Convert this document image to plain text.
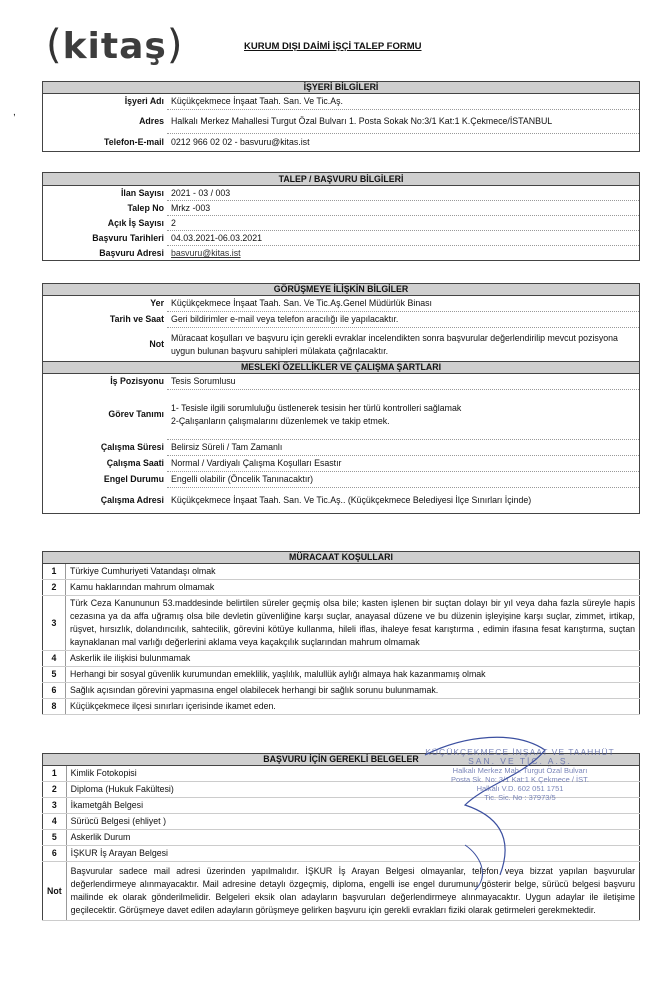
(kitaş)	KURUM DIŞI DAİMİ İŞÇİ TALEP FORMU
,
İŞYERİ BİLGİLERİ	
İşyeri Adı	Küçükçekmece İnşaat Taah. San. Ve Tic.Aş.
Adres	Halkalı Merkez Mahallesi Turgut Özal Bulvarı 1. Posta Sokak No:3/1 Kat:1 K.Çekmece/İSTANBUL
Telefon-E-mail	0212 966 02 02 - basvuru@kitas.ist
TALEP / BAŞVURU BİLGİLERİ	
İlan Sayısı	2021 - 03 / 003
Talep No	Mrkz -003
Açık İş Sayısı	2
Başvuru Tarihleri	04.03.2021-06.03.2021
Başvuru Adresi	basvuru@kitas.ist
GÖRÜŞMEYE İLİŞKİN BİLGİLER	
Yer	Küçükçekmece İnşaat Taah. San. Ve Tic.Aş.Genel Müdürlük Binası
Tarih ve Saat	Geri bildirimler e-mail veya telefon aracılığı ile yapılacaktır.
Not	Müracaat koşulları ve başvuru için gerekli evraklar incelendikten sonra başvurular değerlendirilip mevcut pozisyona uygun bulunan başvuru sahipleri mülakata çağrılacaktır.
MESLEKİ ÖZELLİKLER VE ÇALIŞMA ŞARTLARI	
İş Pozisyonu	Tesis Sorumlusu
Görev Tanımı	1- Tesisle ilgili sorumluluğu üstlenerek tesisin her türlü kontrolleri sağlamak
2-Çalışanların çalışmalarını düzenlemek ve takip etmek.

Çalışma Süresi	Belirsiz Süreli / Tam Zamanlı
Çalışma Saati	Normal / Vardiyalı Çalışma Koşulları Esastır
Engel Durumu	Engelli olabilir (Öncelik Tanınacaktır)
Çalışma Adresi	Küçükçekmece İnşaat Taah. San. Ve Tic.Aş.. (Küçükçekmece Belediyesi İlçe Sınırları İçinde)
MÜRACAAT KOŞULLARI	
1	Türkiye Cumhuriyeti Vatandaşı olmak
2	Kamu haklarından mahrum olmamak
3	Türk Ceza Kanununun 53.maddesinde belirtilen süreler geçmiş olsa bile; kasten işlenen bir suçtan dolayı bir yıl veya daha fazla süreyle hapis cezasına ya da affa uğramış olsa bile devletin güvenliğine karşı suçlar, anayasal düzene ve bu düzenin işleyişine karşı suçlar, zimmet, irtikap, rüşvet, hırsızlık, dolandırıcılık, sahtecilik, görevini kötüye kullanma, hileli iflas, ihaleye fesat karıştırma , edimin ifasına fesat karıştırma, suçtan kaynaklanan mal varlığı değerlerini aklama veya kaçakçılık suçlarından mahrum olmamak
4	Askerlik ile ilişkisi bulunmamak
5	Herhangi bir sosyal güvenlik kurumundan emeklilik, yaşlılık, malullük aylığı almaya hak kazanmamış olmak
6	Sağlık açısından görevini yapmasına engel olabilecek herhangi bir sağlık sorunu bulunmamak.
8	Küçükçekmece ilçesi sınırları içerisinde ikamet eden.
BAŞVURU İÇİN GEREKLİ BELGELER	
1	Kimlik Fotokopisi
2	Diploma (Hukuk Fakültesi)
3	İkametgâh Belgesi
4	Sürücü Belgesi (ehliyet )
5	Askerlik Durum
6	İŞKUR İş Arayan Belgesi
Not	Başvurular sadece mail adresi üzerinden yapılmalıdır. İŞKUR İş Arayan Belgesi olmayanlar, telefon veya bizzat yapılan başvurular değerlendirmeye alınmayacaktır. Mail adresine detaylı özgeçmiş, diploma, engelli ise engel durumunu gösterir belge, sürücü belgesi başvuru mailinde ek olarak gönderilmelidir. Belgeleri eksik olan adayların başvuruları değerlendirmeye alınmayacaktır. Uygun adaylar ile iletişime geçilecektir. Görüşmeye davet edilen adayların görüşmeye gelirken başvuru için gerekli evrakları fiziki olarak getirmeleri gerekmektedir.
KÜÇÜKÇEKMECE İNŞAAT VE TAAHHÜT
SAN. VE TİC. A.Ş.
Halkalı Merkez Mah. Turgut Özal Bulvarı
Posta Sk. No: 3/1 Kat:1 K.Çekmece / İST.
Halkalı V.D. 602 051 1751
Tic. Sic. No : 37973/5
